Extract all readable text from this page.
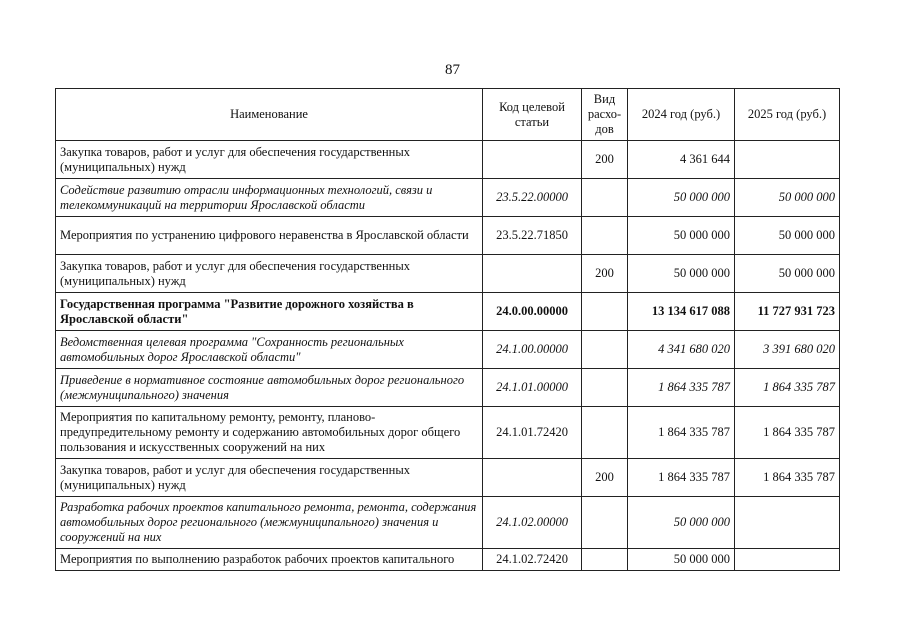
87
Наименование	Код целевой статьи	Вид расхо-дов	2024 год (руб.)	2025 год (руб.)
Закупка товаров, работ и услуг для обеспечения государственных (муниципальных) нужд		200	4 361 644	
Содействие развитию отрасли информационных технологий, связи и телекоммуникаций на территории Ярославской области	23.5.22.00000		50 000 000	50 000 000
Мероприятия по устранению цифрового неравенства в Ярославской области	23.5.22.71850		50 000 000	50 000 000
Закупка товаров, работ и услуг для обеспечения государственных (муниципальных) нужд		200	50 000 000	50 000 000
Государственная программа "Развитие дорожного хозяйства в Ярославской области"	24.0.00.00000		13 134 617 088	11 727 931 723
Ведомственная целевая программа "Сохранность региональных автомобильных дорог Ярославской области"	24.1.00.00000		4 341 680 020	3 391 680 020
Приведение в нормативное состояние автомобильных дорог регионального (межмуниципального) значения	24.1.01.00000		1 864 335 787	1 864 335 787
Мероприятия по капитальному ремонту, ремонту, планово-предупредительному ремонту и содержанию автомобильных дорог общего пользования и искусственных сооружений на них	24.1.01.72420		1 864 335 787	1 864 335 787
Закупка товаров, работ и услуг для обеспечения государственных (муниципальных) нужд		200	1 864 335 787	1 864 335 787
Разработка рабочих проектов капитального ремонта, ремонта, содержания автомобильных дорог регионального (межмуниципального) значения и сооружений на них	24.1.02.00000		50 000 000	
Мероприятия по выполнению разработок рабочих проектов капитального	24.1.02.72420		50 000 000	
